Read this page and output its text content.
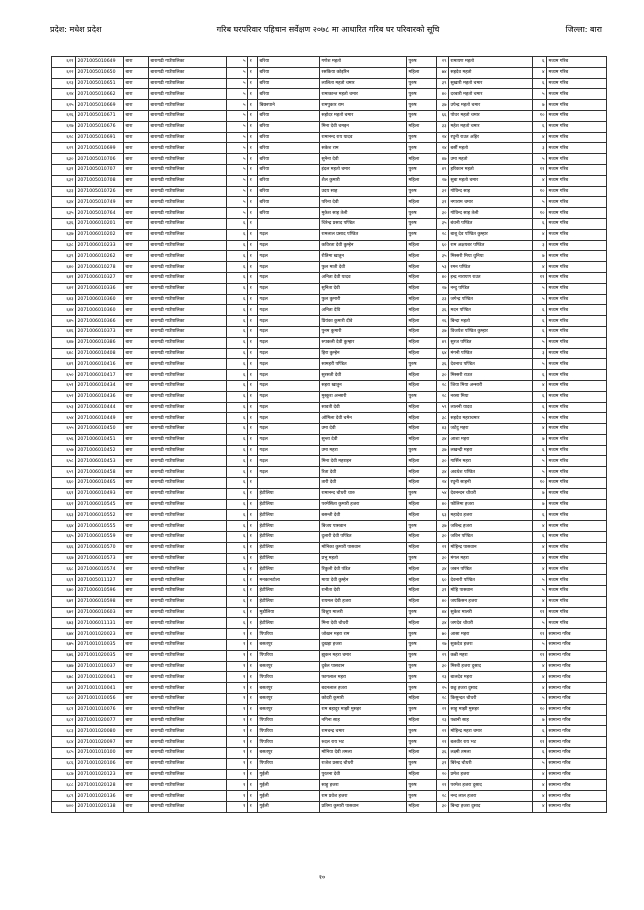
प्रदेश: मधेश प्रदेश	गरिब घरपरिवार पहिचान सर्वेक्षण २०७८ मा आधारित गरिब घर परिवारको सूचि	जिल्ला: बारा
६२१	2071005010649	बारा	बारागढी गाउँपालिका	५	१	बरिया	गणेश महतो	पुरुष	२९	रामायण महतो	६	मध्यम गरिब
६२२	2071005010650	बारा	बारागढी गाउँपालिका	५	१	बरिया	रसकिया कोइरिन	महिला	७४	सहदेव महतो	४	मध्यम गरिब
६२३	2071005010651	बारा	बारागढी गाउँपालिका	५	१	बरिया	लालिता महतो चमार	पुरुष	३९	सुखारी महतो चमार	६	मध्यम गरिब
६२४	2071005010662	बारा	बारागढी गाउँपालिका	५	१	बरिया	रामाकान्त महतो चमार	पुरुष	४०	दरबारी महतो चमार	५	मध्यम गरिब
६२५	2071005010669	बारा	बारागढी गाउँपालिका	५	१	बिछरपाने	रामपुकार राम	पुरुष	३७	उपेन्द्र महतो चमार	७	मध्यम गरिब
६२६	2071005010671	बारा	बारागढी गाउँपालिका	५	१	बरिया	सहोदर महतो चमार	पुरुष	६६	पोधर महतो चमार	१०	मध्यम गरिब
६२७	2071005010676	बारा	बारागढी गाउँपालिका	५	१	बरिया	मिना देवी चमइन	महिला	३३	महेश महतो चमार	६	मध्यम गरिब
६२८	2071005010691	बारा	बारागढी गाउँपालिका	५	१	बरिया	रामानन्द राय यादव	पुरुष	२४	रघुनी राउत अहिर	४	मध्यम गरिब
६२९	2071005010699	बारा	बारागढी गाउँपालिका	५	१	बरिया	सकेश राम	पुरुष	२४	बर्सी महतो	३	मध्यम गरिब
६३०	2071005010706	बारा	बारागढी गाउँपालिका	५	१	बरिया	सुनैना देवी	महिला	४७	उमा महतो	५	मध्यम गरिब
६३१	2071005010707	बारा	बारागढी गाउँपालिका	५	१	बरिया	इंदल महतो चमार	पुरुष	४९	हरिकान महतो	११	मध्यम गरिब
६३२	2071005010708	बारा	बारागढी गाउँपालिका	५	१	बरिया	शैल कुमारी	महिला	२७	सुबा महतो चमार	४	मध्यम गरिब
६३३	2071005010726	बारा	बारागढी गाउँपालिका	५	१	बरिया	उदय साह	पुरुष	३२	गोविन्द साह	१०	मध्यम गरिब
६३४	2071005010749	बारा	बारागढी गाउँपालिका	५	१	बरिया	परिना देवी	महिला	३१	नगाराम चमार	५	मध्यम गरिब
६३५	2071005010764	बारा	बारागढी गाउँपालिका	५	१	बरिया	मुकेश साह तेली	पुरुष	३०	गोविन्द साह तेली	१०	मध्यम गरिब
६३६	2071006010201	बारा	बारागढी गाउँपालिका	६	१		चिरेन्द्र प्रसाद पण्डित	पुरुष	३५	बंधनी पण्डित	६	मध्यम गरिब
६३७	2071006010202	बारा	बारागढी गाउँपालिका	६	१	गढ़ल	रामलाल प्रसाद पण्डित	पुरुष	२८	बाबू देव पण्डित कुम्हार	४	मध्यम गरिब
६३८	2071006010233	बारा	बारागढी गाउँपालिका	६	१	गढ़ल	कविरता देवी कुम्हेन	महिला	६०	राम अक्षयबर पण्डित	३	मध्यम गरिब
६३९	2071006010262	बारा	बारागढी गाउँपालिका	६	१	गढ़ल	रौतिमा खातुन	महिला	३५	मिस्सरी मिया धुनिया	७	मध्यम गरिब
६४०	2071006010278	बारा	बारागढी गाउँपालिका	६	१	गढ़ल	फुल माती देवी	महिला	५३	रमन पण्डित	४	मध्यम गरिब
६४१	2071006010327	बारा	बारागढी गाउँपालिका	६	१	गढ़ल	अनिता देवी यादव	महिला	४०	इन्द्र नारायण राउत	११	मध्यम गरिब
६४२	2071006010336	बारा	बारागढी गाउँपालिका	६	१	गढ़ल	सुनिता देवी	महिला	२७	नन्दु पण्डित	५	मध्यम गरिब
६४३	2071006010360	बारा	बारागढी गाउँपालिका	६	१	गढ़ल	फुल कुमारी	महिला	३३	जगेन्द्र पण्डित	५	मध्यम गरिब
६४४	2071006010360	बारा	बारागढी गाउँपालिका	६	१	गढ़ल	अनिता देवि	महिला	३६	मदन पण्डित	६	मध्यम गरिब
६४५	2071006010366	बारा	बारागढी गाउँपालिका	६	१	गढ़ल	प्रियंका कुमारी दीवे	महिला	२६	बिन्दा महतो	६	मध्यम गरिब
६४६	2071006010373	बारा	बारागढी गाउँपालिका	६	१	गढ़ल	पुनम कुमारी	महिला	३७	विजयेश पण्डित कुम्हार	६	मध्यम गरिब
६४७	2071006010386	बारा	बारागढी गाउँपालिका	६	१	गढ़ल	रुपकली देवी कुम्हार	महिला	४९	सुरज पण्डित	५	मध्यम गरिब
६४८	2071006010408	बारा	बारागढी गाउँपालिका	६	१	गढ़ल	हिरा कुम्हेन	महिला	६४	मंगनी पण्डित	३	मध्यम गरिब
६४९	2071006010416	बारा	बारागढी गाउँपालिका	६	१	गढ़ल	सामहरी पण्डित	पुरुष	३६	देवनाथ पण्डित	५	मध्यम गरिब
६५०	2071006010417	बारा	बारागढी गाउँपालिका	६	१	गढ़ल	सुरसती देवी	महिला	३०	मिस्सरी राउत	६	मध्यम गरिब
६५१	2071006010434	बारा	बारागढी गाउँपालिका	६	१	गढ़ल	सहरा खातुन	महिला	२८	जिया मिया अन्सारी	४	मध्यम गरिब
६५२	2071006010436	बारा	बारागढी गाउँपालिका	६	१	गढ़ल	मुस्कुरा अन्सारी	पुरुष	२८	नरसा मिया	६	मध्यम गरिब
६५३	2071006010444	बारा	बारागढी गाउँपालिका	६	१	गढ़ल	सावत्री देवी	महिला	५९	लालनी यादव	६	मध्यम गरिब
६५४	2071006010449	बारा	बारागढी गाउँपालिका	६	१	गढ़ल	ओमिला देवी चमैन	महिला	३८	सहदेव महराचमार	५	मध्यम गरिब
६५५	2071006010450	बारा	बारागढी गाउँपालिका	६	१	गढ़ल	उमा देवी	महिला	४३	जटेंदु महरा	४	मध्यम गरिब
६५६	2071006010451	बारा	बारागढी गाउँपालिका	६	१	गढ़ल	सुन्ता देवी	महिला	३४	आशा महरा	७	मध्यम गरिब
६५७	2071006010452	बारा	बारागढी गाउँपालिका	६	१	गढ़ल	उमा महरा	पुरुष	३७	लखन्दी महरा	६	मध्यम गरिब
६५८	2071006010453	बारा	बारागढी गाउँपालिका	६	१	गढ़ल	मिना देवी महराइन	महिला	३०	गार्सिन महरा	५	मध्यम गरिब
६५९	2071006010458	बारा	बारागढी गाउँपालिका	६	१	गढ़ल	रिता देवी	महिला	३४	अवधेश पण्डित	५	मध्यम गरिब
६६०	2071006010465	बारा	बारागढी गाउँपालिका	६	१		तारी देवी	महिला	२४	रघुनी साहनी	१०	मध्यम गरिब
६६१	2071006010493	बारा	बारागढी गाउँपालिका	६	१	हेटौलिया	रामानन्द चौधरी थारु	पुरुष	५४	देवनन्दन चौधरी	७	मध्यम गरिब
६६२	2071006010545	बारा	बारागढी गाउँपालिका	६	१	हेटौलिया	परमेसिता कुमारी हजरा	महिला	४०	फौलिमा हजरा	७	मध्यम गरिब
६६३	2071006010552	बारा	बारागढी गाउँपालिका	६	१	हेटौलिया	बसन्ती देवी	महिला	६३	महादेव हजरा	६	मध्यम गरिब
६६४	2071006010555	बारा	बारागढी गाउँपालिका	६	१	हेटौलिया	बिजय पासवान	पुरुष	३७	जबिन्द्र हजरा	४	मध्यम गरिब
६६५	2071006010559	बारा	बारागढी गाउँपालिका	६	१	हेटौलिया	दुलारी देवी पण्डित	महिला	३०	जविन पण्डित	६	मध्यम गरिब
६६६	2071006010570	बारा	बारागढी गाउँपालिका	६	१	हेटौलिया	मोनिका कुमारी पासवान	महिला	२१	मोहिन्द्र पासवान	४	मध्यम गरिब
६६७	2071006010573	बारा	बारागढी गाउँपालिका	६	१	हेटौलिया	प्रभु महतो	पुरुष	३०	मंगल महरा	४	मध्यम गरिब
६६८	2071006010574	बारा	बारागढी गाउँपालिका	६	१	हेटौलिया	रिंकुली देवी पंडित	महिला	३४	जबन पण्डित	४	मध्यम गरिब
६६९	2071005011127	बारा	बारागढी गाउँपालिका	६	१	मनकानटोला	माया देवी कुम्हेन	महिला	६०	देवनारी पण्डित	५	मध्यम गरिब
६७०	2071006010596	बारा	बारागढी गाउँपालिका	६	१	हेटौलिया	रानीता देवी	महिला	३१	मोहि पासवान	५	मध्यम गरिब
६७१	2071006010598	बारा	बारागढी गाउँपालिका	६	१	हेटौलिया	रायमल देवी हजरा	महिला	४०	जयकिसन हजरा	४	मध्यम गरिब
६७२	2071006010603	बारा	बारागढी गाउँपालिका	६	१	मुडौलिया	विश्नुप मालरी	पुरुष	४४	सुकेश मालरी	११	मध्यम गरिब
६७३	2071006011131	बारा	बारागढी गाउँपालिका	६	१	हेटौलिया	मिना देवी चौधरी	महिला	३४	जगदेव चौधरी	५	मध्यम गरिब
६७४	2071001020023	बारा	बारागढी गाउँपालिका	१	१	पिपरिया	जोखन महरा राम	पुरुष	७०	आसा महरा	११	सामान्य गरिब
६७५	2071001010035	बारा	बारागढी गाउँपालिका	१	१	बसतपुर	दुखहा हजरा	पुरुष	२७	सुकदेव हजरा	५	सामान्य गरिब
६७६	2071001020035	बारा	बारागढी गाउँपालिका	१	१	पिपरिया	झुकन महरा चमार	पुरुष	२९	कन्नी महरा	११	सामान्य गरिब
६७७	2071001010037	बारा	बारागढी गाउँपालिका	१	१	बसतपुर	दुबेल पासवान	पुरुष	३०	मिस्त्री हजरा दुसाद	४	सामान्य गरिब
६७८	2071001020041	बारा	बारागढी गाउँपालिका	१	१	पिपरिया	फागलाल महरा	पुरुष	२३	बालदेव महरा	४	सामान्य गरिब
६७९	2071001010041	बारा	बारागढी गाउँपालिका	१	१	बसतपुर	बदनलाल हजरा	पुरुष	२५	छठु हजरा दुसाद	४	सामान्य गरिब
६८०	2071001010056	बारा	बारागढी गाउँपालिका	१	१	बसतपुर	कोदरी कुमारी	महिला	२८	किसुन्दत चौधरी	५	सामान्य गरिब
६८१	2071001010076	बारा	बारागढी गाउँपालिका	१	१	बसतपुर	राम बहादुर माझी मुसहर	पुरुष	२१	साहु माझी मुसहर	१०	सामान्य गरिब
६८२	2071001020077	बारा	बारागढी गाउँपालिका	१	१	पिपरिया	नगिना साह	महिला	२३	पन्नानी साह	७	सामान्य गरिब
६८३	2071001020080	बारा	बारागढी गाउँपालिका	१	१	पिपरिया	रामचन्द्र चमार	पुरुष	२१	मोहिन्द्र महरा चमार	६	सामान्य गरिब
६८४	2071001020097	बारा	बारागढी गाउँपालिका	१	१	पिपरिया	रुदल राय भट	पुरुष	२१	बलवीर राय भट	११	सामान्य गरिब
६८५	2071001010100	बारा	बारागढी गाउँपालिका	१	१	बसतपुर	मोनिया देवी तमला	महिला	३६	लक्ष्मी तमला	६	सामान्य गरिब
६८६	2071001020106	बारा	बारागढी गाउँपालिका	१	१	पिपरिया	राजेश प्रसाद चौधरी	पुरुष	३१	बिरेन्द्र चौधरी	५	सामान्य गरिब
६८७	2071001020123	बारा	बारागढी गाउँपालिका	१	१	गुईली	पुरतना देवी	महिला	२०	प्रमेश हजरा	४	सामान्य गरिब
६८८	2071001020128	बारा	बारागढी गाउँपालिका	१	१	गुईली	साहु हजरा	पुरुष	२१	परमेश हजरा दुसाद	४	सामान्य गरिब
६८९	2071001020136	बारा	बारागढी गाउँपालिका	१	१	गुईली	राम प्रवेश हजरा	पुरुष	२८	नन्द लाल हजरा	४	सामान्य गरिब
७००	2071001020138	बारा	बारागढी गाउँपालिका	१	१	गुईली	प्रतिमा कुमारी पासवान	महिला	३०	बिन्दा हजरा दुसाद	४	सामान्य गरिब
१०
